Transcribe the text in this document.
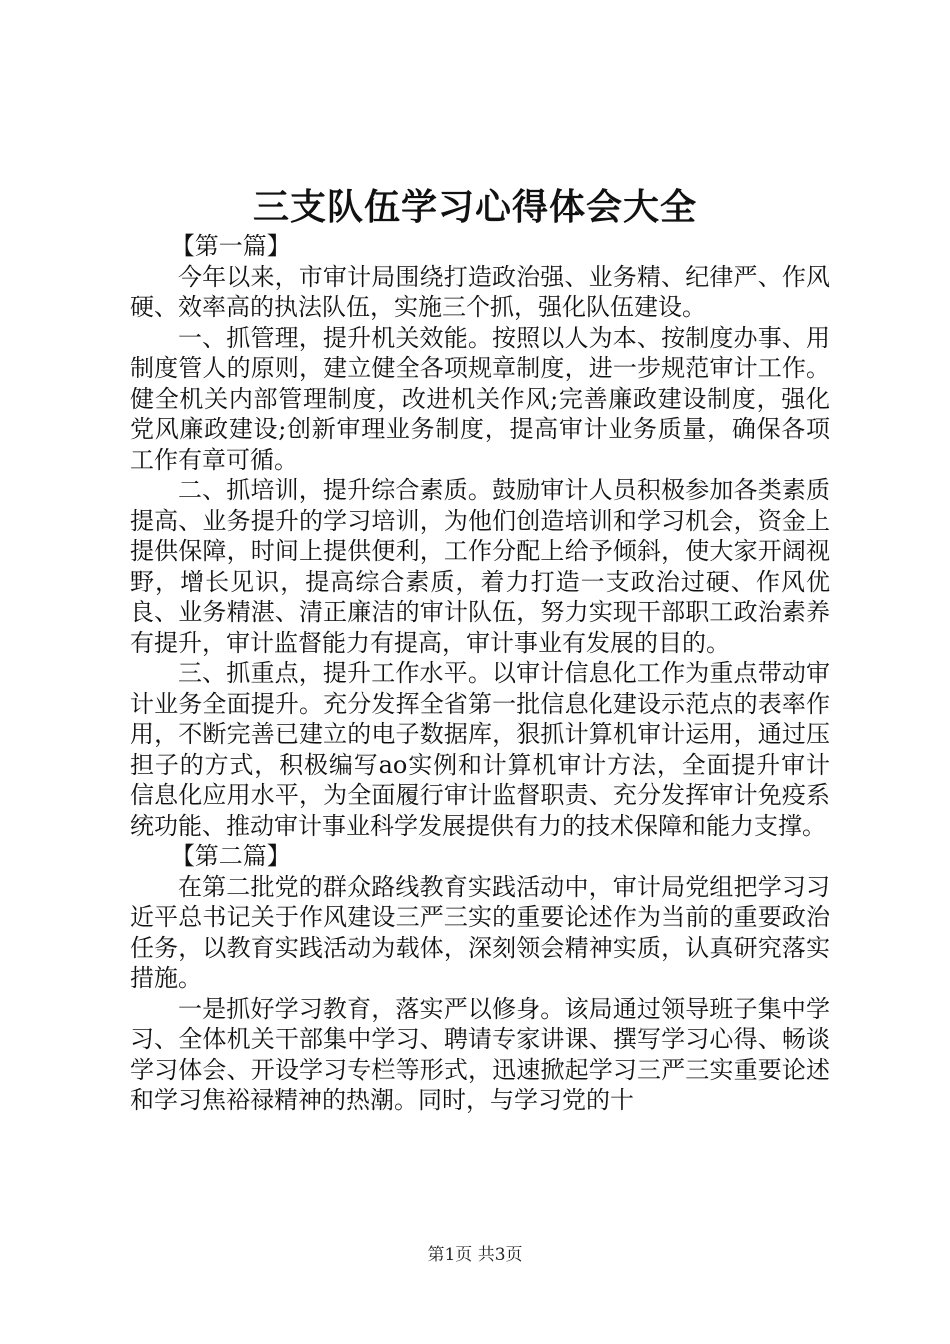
三支队伍学习心得体会大全
【第一篇】

今年以来，市审计局围绕打造政治强、业务精、纪律严、作风硬、效率高的执法队伍，实施三个抓，强化队伍建设。

一、抓管理，提升机关效能。按照以人为本、按制度办事、用制度管人的原则，建立健全各项规章制度，进一步规范审计工作。健全机关内部管理制度，改进机关作风;完善廉政建设制度，强化党风廉政建设;创新审理业务制度，提高审计业务质量，确保各项工作有章可循。

二、抓培训，提升综合素质。鼓励审计人员积极参加各类素质提高、业务提升的学习培训，为他们创造培训和学习机会，资金上提供保障，时间上提供便利，工作分配上给予倾斜，使大家开阔视野，增长见识，提高综合素质，着力打造一支政治过硬、作风优良、业务精湛、清正廉洁的审计队伍，努力实现干部职工政治素养有提升，审计监督能力有提高，审计事业有发展的目的。

三、抓重点，提升工作水平。以审计信息化工作为重点带动审计业务全面提升。充分发挥全省第一批信息化建设示范点的表率作用，不断完善已建立的电子数据库，狠抓计算机审计运用，通过压担子的方式，积极编写ao实例和计算机审计方法，全面提升审计信息化应用水平，为全面履行审计监督职责、充分发挥审计免疫系统功能、推动审计事业科学发展提供有力的技术保障和能力支撑。

【第二篇】

在第二批党的群众路线教育实践活动中，审计局党组把学习习近平总书记关于作风建设三严三实的重要论述作为当前的重要政治任务，以教育实践活动为载体，深刻领会精神实质，认真研究落实措施。

一是抓好学习教育，落实严以修身。该局通过领导班子集中学习、全体机关干部集中学习、聘请专家讲课、撰写学习心得、畅谈学习体会、开设学习专栏等形式，迅速掀起学习三严三实重要论述和学习焦裕禄精神的热潮。同时，与学习党的十

第1页 共3页
